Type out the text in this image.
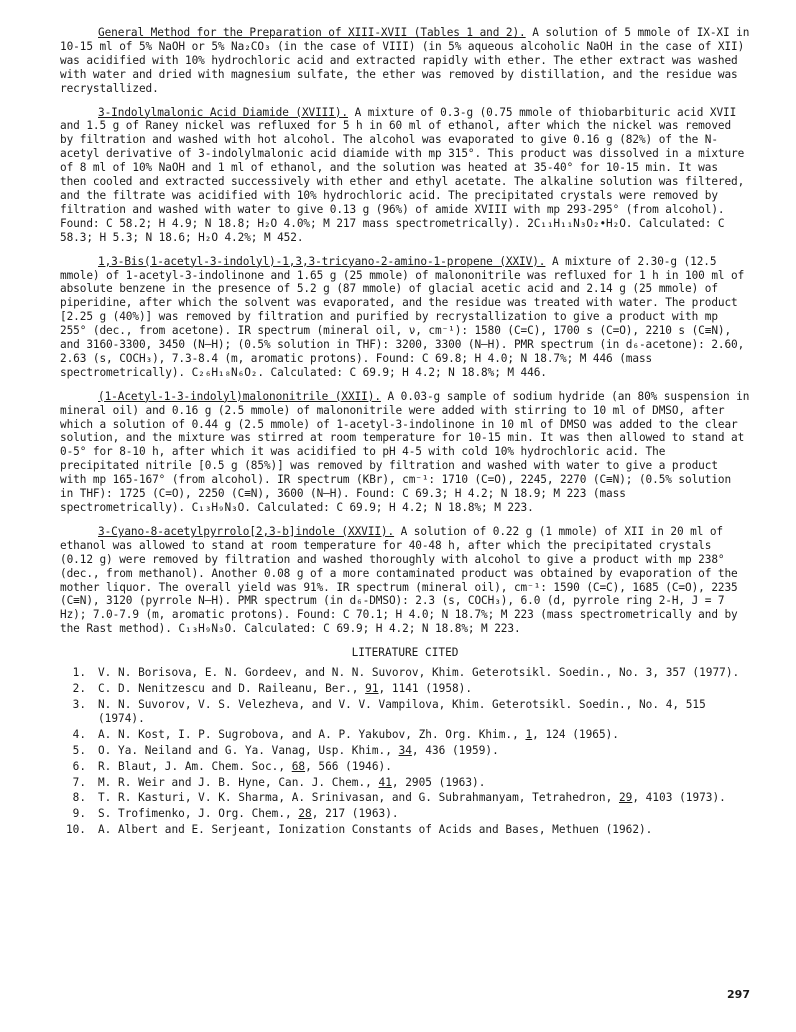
General Method for the Preparation of XIII-XVII (Tables 1 and 2). A solution of 5 mmole of IX-XI in 10-15 ml of 5% NaOH or 5% Na₂CO₃ (in the case of VIII) (in 5% aqueous alcoholic NaOH in the case of XII) was acidified with 10% hydrochloric acid and extracted rapidly with ether. The ether extract was washed with water and dried with magnesium sulfate, the ether was removed by distillation, and the residue was recrystallized.

3-Indolylmalonic Acid Diamide (XVIII). A mixture of 0.3-g (0.75 mmole of thiobarbituric acid XVII and 1.5 g of Raney nickel was refluxed for 5 h in 60 ml of ethanol, after which the nickel was removed by filtration and washed with hot alcohol. The alcohol was evaporated to give 0.16 g (82%) of the N-acetyl derivative of 3-indolylmalonic acid diamide with mp 315°. This product was dissolved in a mixture of 8 ml of 10% NaOH and 1 ml of ethanol, and the solution was heated at 35-40° for 10-15 min. It was then cooled and extracted successively with ether and ethyl acetate. The alkaline solution was filtered, and the filtrate was acidified with 10% hydrochloric acid. The precipitated crystals were removed by filtration and washed with water to give 0.13 g (96%) of amide XVIII with mp 293-295° (from alcohol). Found: C 58.2; H 4.9; N 18.8; H₂O 4.0%; M 217 mass spectrometrically). 2C₁₁H₁₁N₃O₂•H₂O. Calculated: C 58.3; H 5.3; N 18.6; H₂O 4.2%; M 452.

1,3-Bis(1-acetyl-3-indolyl)-1,3,3-tricyano-2-amino-1-propene (XXIV). A mixture of 2.30-g (12.5 mmole) of 1-acetyl-3-indolinone and 1.65 g (25 mmole) of malononitrile was refluxed for 1 h in 100 ml of absolute benzene in the presence of 5.2 g (87 mmole) of glacial acetic acid and 2.14 g (25 mmole) of piperidine, after which the solvent was evaporated, and the residue was treated with water. The product [2.25 g (40%)] was removed by filtration and purified by recrystallization to give a product with mp 255° (dec., from acetone). IR spectrum (mineral oil, ν, cm⁻¹): 1580 (C=C), 1700 s (C=O), 2210 s (C≡N), and 3160-3300, 3450 (N—H); (0.5% solution in THF): 3200, 3300 (N—H). PMR spectrum (in d₆-acetone): 2.60, 2.63 (s, COCH₃), 7.3-8.4 (m, aromatic protons). Found: C 69.8; H 4.0; N 18.7%; M 446 (mass spectrometrically). C₂₆H₁₈N₆O₂. Calculated: C 69.9; H 4.2; N 18.8%; M 446.

(1-Acetyl-1-3-indolyl)malononitrile (XXII). A 0.03-g sample of sodium hydride (an 80% suspension in mineral oil) and 0.16 g (2.5 mmole) of malononitrile were added with stirring to 10 ml of DMSO, after which a solution of 0.44 g (2.5 mmole) of 1-acetyl-3-indolinone in 10 ml of DMSO was added to the clear solution, and the mixture was stirred at room temperature for 10-15 min. It was then allowed to stand at 0-5° for 8-10 h, after which it was acidified to pH 4-5 with cold 10% hydrochloric acid. The precipitated nitrile [0.5 g (85%)] was removed by filtration and washed with water to give a product with mp 165-167° (from alcohol). IR spectrum (KBr), cm⁻¹: 1710 (C=O), 2245, 2270 (C≡N); (0.5% solution in THF): 1725 (C=O), 2250 (C≡N), 3600 (N—H). Found: C 69.3; H 4.2; N 18.9; M 223 (mass spectrometrically). C₁₃H₉N₃O. Calculated: C 69.9; H 4.2; N 18.8%; M 223.

3-Cyano-8-acetylpyrrolo[2,3-b]indole (XXVII). A solution of 0.22 g (1 mmole) of XII in 20 ml of ethanol was allowed to stand at room temperature for 40-48 h, after which the precipitated crystals (0.12 g) were removed by filtration and washed thoroughly with alcohol to give a product with mp 238° (dec., from methanol). Another 0.08 g of a more contaminated product was obtained by evaporation of the mother liquor. The overall yield was 91%. IR spectrum (mineral oil), cm⁻¹: 1590 (C=C), 1685 (C=O), 2235 (C≡N), 3120 (pyrrole N—H). PMR spectrum (in d₆-DMSO): 2.3 (s, COCH₃), 6.0 (d, pyrrole ring 2-H, J = 7 Hz); 7.0-7.9 (m, aromatic protons). Found: C 70.1; H 4.0; N 18.7%; M 223 (mass spectrometrically and by the Rast method). C₁₃H₉N₃O. Calculated: C 69.9; H 4.2; N 18.8%; M 223.

LITERATURE CITED
1. V. N. Borisova, E. N. Gordeev, and N. N. Suvorov, Khim. Geterotsikl. Soedin., No. 3, 357 (1977).
2. C. D. Nenitzescu and D. Raileanu, Ber., 91, 1141 (1958).
3. N. N. Suvorov, V. S. Velezheva, and V. V. Vampilova, Khim. Geterotsikl. Soedin., No. 4, 515 (1974).
4. A. N. Kost, I. P. Sugrobova, and A. P. Yakubov, Zh. Org. Khim., 1, 124 (1965).
5. O. Ya. Neiland and G. Ya. Vanag, Usp. Khim., 34, 436 (1959).
6. R. Blaut, J. Am. Chem. Soc., 68, 566 (1946).
7. M. R. Weir and J. B. Hyne, Can. J. Chem., 41, 2905 (1963).
8. T. R. Kasturi, V. K. Sharma, A. Srinivasan, and G. Subrahmanyam, Tetrahedron, 29, 4103 (1973).
9. S. Trofimenko, J. Org. Chem., 28, 217 (1963).
10. A. Albert and E. Serjeant, Ionization Constants of Acids and Bases, Methuen (1962).
297
